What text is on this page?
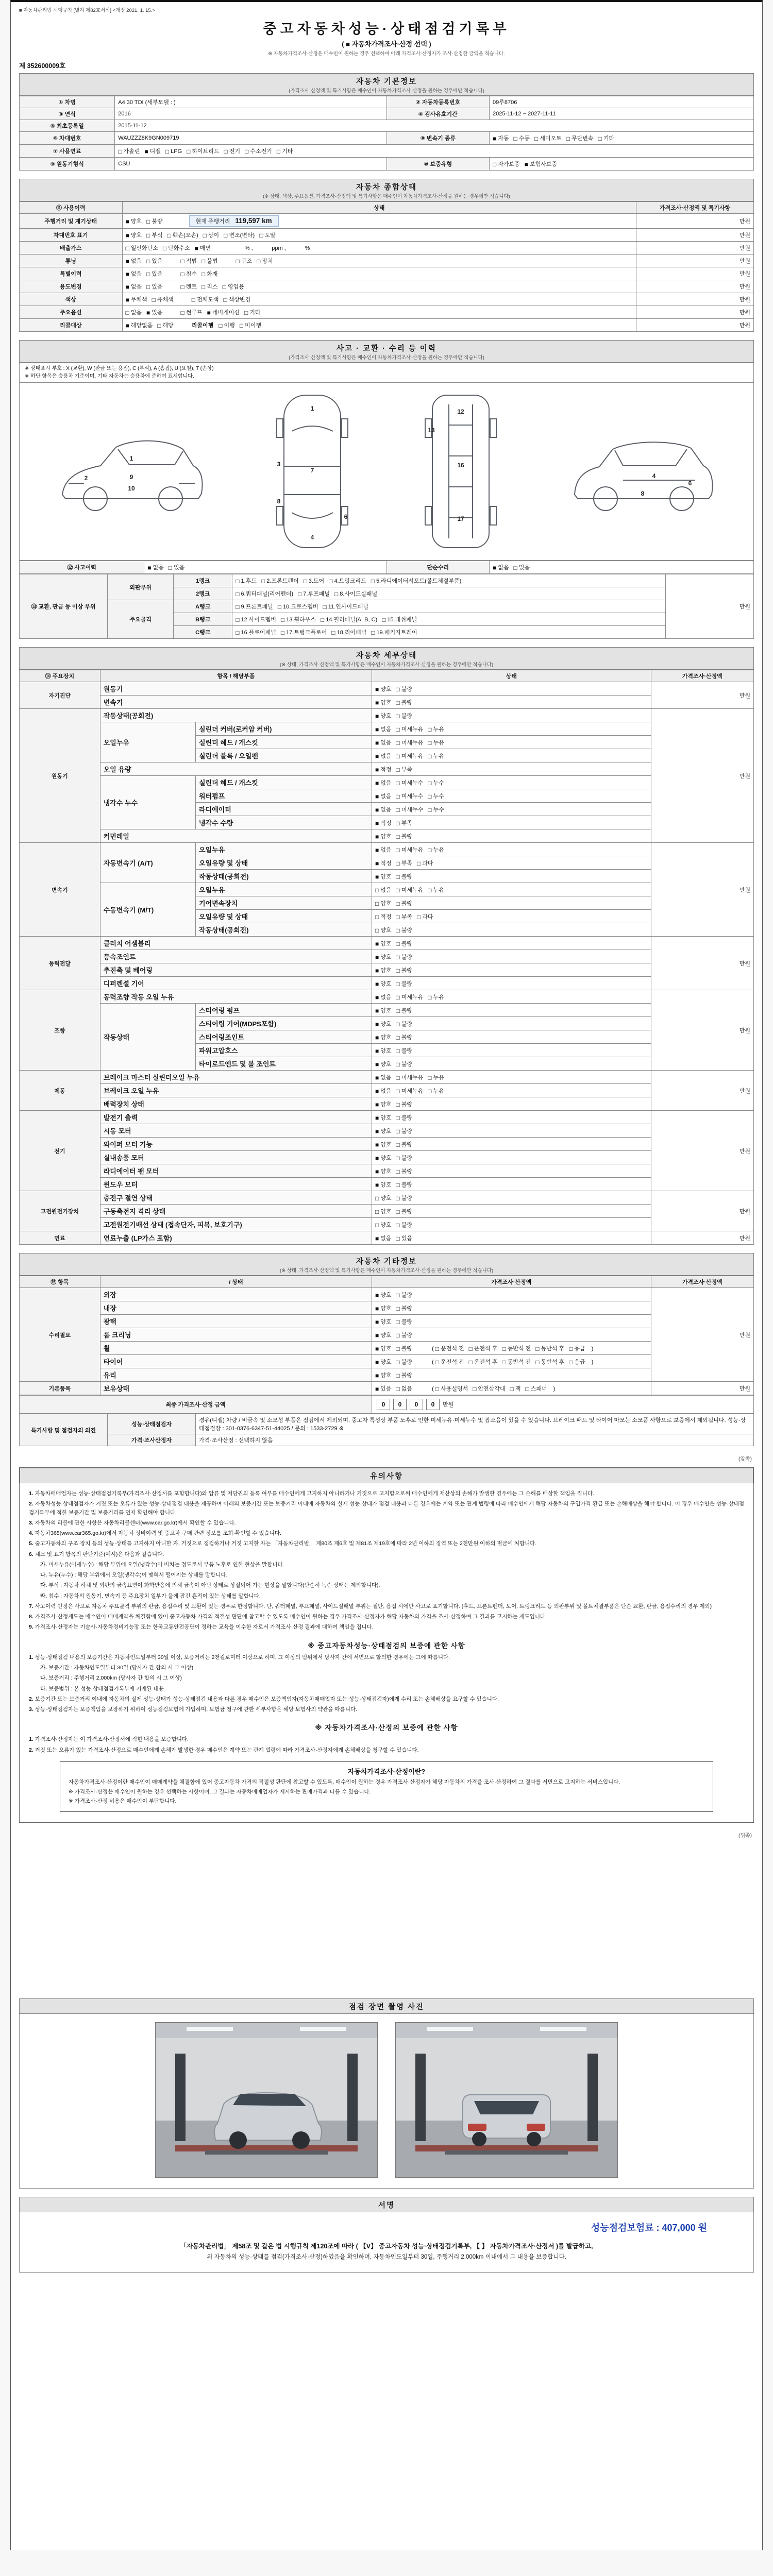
■ 자동차관리법 시행규칙 [별지 제82호서식] <개정 2021. 1. 15.>
중고자동차성능·상태점검기록부
( ■ 자동차가격조사·산정 선택 )
※ 자동차가격조사·산정은 매수인이 원하는 경우 선택하여 아래 가격조사·산정자가 조사·산정한 금액을 적습니다.
제 352600009호
자동차 기본정보
(가격조사·산정액 및 특기사항은 매수인이 자동차가격조사·산정을 원하는 경우에만 적습니다)
① 차명	A4 30 TDI (세부모델 : )	② 자동차등록번호	09루8706
③ 연식	2016	④ 검사유효기간	2025-11-12 ~ 2027-11-11
⑤ 최초등록일	2015-11-12		
⑥ 차대번호	WAUZZZ8K9GN009719	⑧ 변속기 종류	■ 자동 □ 수동 □ 세미오토 □ 무단변속 □ 기타
⑦ 사용연료	□ 가솔린 ■ 디젤 □ LPG □ 하이브리드 □ 전기 □ 수소전기 □ 기타		
⑨ 원동기형식	CSU	⑩ 보증유형	□ 자가보증 ■ 보험사보증
자동차 종합상태
(※ 상태, 색상, 주요옵션, 가격조사·산정액 및 특기사항은 매수인이 자동차가격조사·산정을 원하는 경우에만 적습니다)
⑪ 사용이력	상태	가격조사·산정액 및 특기사항
주행거리 및 계기상태	■ 양호 □ 불량 현재 주행거리 119,597 km	만원
차대번호 표기	■ 양호 □ 부식 □ 훼손(오손) □ 상이 □ 변조(변타) □ 도말	만원
배출가스	□ 일산화탄소 □ 탄화수소 ■ 매연 % ,            ppm ,            %	만원
튜닝	■ 없음 □ 있음 □ 적법 □ 불법 □ 구조 □ 장치	만원
특별이력	■ 없음 □ 있음 □ 침수 □ 화재	만원
용도변경	■ 없음 □ 있음 □ 렌트 □ 리스 □ 영업용	만원
색상	■ 무채색 □ 유채색 □ 전체도색 □ 색상변경	만원
주요옵션	□ 없음 ■ 있음 □ 썬루프 ■ 네비게이션 □ 기타	만원
리콜대상	■ 해당없음 □ 해당 리콜이행 □ 이행 □ 미이행	만원
사고 · 교환 · 수리 등 이력
(가격조사·산정액 및 특기사항은 매수인이 자동차가격조사·산정을 원하는 경우에만 적습니다)
※ 상태표시 부호 : X (교환), W (판금 또는 용접), C (부식), A (흠집), U (요철), T (손상)
※ 하단 항목은 승용차 기준이며, 기타 자동차는 승용차에 준하여 표시합니다.
1
2	9
10
1
7
4
3
6
8
12
16
17
13
4
6
8
⑫ 사고이력	■ 없음 □ 있음	단순수리	■ 없음 □ 있음
⑬ 교환, 판금 등 이상 부위	외판부위	1랭크	□ 1.후드 □ 2.프론트펜더 □ 3.도어 □ 4.트렁크리드 □ 5.라디에이터서포트(볼트체결부품)	만원
		2랭크	□ 6.쿼터패널(리어펜더) □ 7.루프패널 □ 8.사이드실패널	
	주요골격	A랭크	□ 9.프론트패널 □ 10.크로스멤버 □ 11.인사이드패널	
		B랭크	□ 12.사이드멤버 □ 13.휠하우스 □ 14.필러패널(A, B, C) □ 15.대쉬패널	
		C랭크	□ 16.플로어패널 □ 17.트렁크플로어 □ 18.리어패널 □ 19.패키지트레이	
자동차 세부상태
(※ 상태, 가격조사·산정액 및 특기사항은 매수인이 자동차가격조사·산정을 원하는 경우에만 적습니다)
⑭ 주요장치	항목 / 해당부품		상태	가격조사·산정액
자기진단	원동기		■ 양호 □ 불량	만원
	변속기		■ 양호 □ 불량	
원동기	작동상태(공회전)		■ 양호 □ 불량	만원
	오일누유	실린더 커버(로커암 커버)	■ 없음 □ 미세누유 □ 누유	
		실린더 헤드 / 개스킷	■ 없음 □ 미세누유 □ 누유	
		실린더 블록 / 오일팬	■ 없음 □ 미세누유 □ 누유	
	오일 유량		■ 적정 □ 부족	
	냉각수 누수	실린더 헤드 / 개스킷	■ 없음 □ 미세누수 □ 누수	
		워터펌프	■ 없음 □ 미세누수 □ 누수	
		라디에이터	■ 없음 □ 미세누수 □ 누수	
		냉각수 수량	■ 적정 □ 부족	
	커먼레일		■ 양호 □ 불량	
변속기	자동변속기 (A/T)	오일누유	■ 없음 □ 미세누유 □ 누유	만원
		오일유량 및 상태	■ 적정 □ 부족 □ 과다	
		작동상태(공회전)	■ 양호 □ 불량	
	수동변속기 (M/T)	오일누유	□ 없음 □ 미세누유 □ 누유	
		기어변속장치	□ 양호 □ 불량	
		오일유량 및 상태	□ 적정 □ 부족 □ 과다	
		작동상태(공회전)	□ 양호 □ 불량	
동력전달	클러치 어셈블리		■ 양호 □ 불량	만원
	등속조인트		■ 양호 □ 불량	
	추진축 및 베어링		■ 양호 □ 불량	
	디퍼렌셜 기어		■ 양호 □ 불량	
조향	동력조향 작동 오일 누유		■ 없음 □ 미세누유 □ 누유	만원
	작동상태	스티어링 펌프	■ 양호 □ 불량	
		스티어링 기어(MDPS포함)	■ 양호 □ 불량	
		스티어링조인트	■ 양호 □ 불량	
		파워고압호스	■ 양호 □ 불량	
		타이로드엔드 및 볼 조인트	■ 양호 □ 불량	
제동	브레이크 마스터 실린더오일 누유		■ 없음 □ 미세누유 □ 누유	만원
	브레이크 오일 누유		■ 없음 □ 미세누유 □ 누유	
	배력장치 상태		■ 양호 □ 불량	
전기	발전기 출력		■ 양호 □ 불량	만원
	시동 모터		■ 양호 □ 불량	
	와이퍼 모터 기능		■ 양호 □ 불량	
	실내송풍 모터		■ 양호 □ 불량	
	라디에이터 팬 모터		■ 양호 □ 불량	
	윈도우 모터		■ 양호 □ 불량	
고전원전기장치	충전구 절연 상태		□ 양호 □ 불량	만원
	구동축전지 격리 상태		□ 양호 □ 불량	
	고전원전기배선 상태 (접속단자, 피복, 보호기구)		□ 양호 □ 불량	
연료	연료누출 (LP가스 포함)		■ 없음 □ 있음	만원
자동차 기타정보
(※ 상태, 가격조사·산정액 및 특기사항은 매수인이 자동차가격조사·산정을 원하는 경우에만 적습니다)
⑮ 항목	/ 상태	가격조사·산정액	가격조사·산정액
수리필요	외장	■ 양호 □ 불량	만원
	내장	■ 양호 □ 불량	
	광택	■ 양호 □ 불량	
	룸 크리닝	■ 양호 □ 불량	
	휠	■ 양호 □ 불량 ( □ 운전석 전 □ 운전석 후 □ 동반석 전 □ 동반석 후 □ 응급 )	
	타이어	■ 양호 □ 불량 ( □ 운전석 전 □ 운전석 후 □ 동반석 전 □ 동반석 후 □ 응급 )	
	유리	■ 양호 □ 불량	
기본품목	보유상태	■ 있음 □ 없음 ( □ 사용설명서 □ 안전삼각대 □ 잭 □ 스패너 )	만원
최종 가격조사·산정 금액	0 0 0 0 만원
특기사항 및 점검자의 의견	성능·상태점검자	경유(디젤) 차량 / 비금속 및 소모성 부품은 점검에서 제외되며, 중고차 특성상 부품 노후로 인한 미세누유·미세누수 및 잡소음이 있을 수 있습니다. 브레이크 패드 및 타이어 마모는 소모품 사항으로 보증에서 제외됩니다. 성능·상태점검장 : 301-0376-6347-51-44025 / 문의 : 1533-2729 ※
	가격·조사산정자	가격·조사산정 : 선택하지 않음
(앞쪽)
유의사항

1. 자동차매매업자는 성능·상태점검기록부(가격조사·산정서를 포함합니다)와 압류 및 저당권의 등록 여부를 매수인에게 고지하지 아니하거나 거짓으로 고지함으로써 매수인에게 재산상의 손해가 발생한 경우에는 그 손해를 배상할 책임을 집니다.

2. 자동차성능·상태점검자가 거짓 또는 오류가 있는 성능·상태점검 내용을 제공하여 아래의 보증기간 또는 보증거리 이내에 자동차의 실제 성능·상태가 점검 내용과 다른 경우에는 계약 또는 관계 법령에 따라 매수인에게 해당 자동차의 구입가격 환급 또는 손해배상을 해야 합니다. 이 경우 매수인은 성능·상태점검기록부에 적힌 보증기간 및 보증거리를 먼저 확인해야 합니다.

3. 자동차의 리콜에 관한 사항은 자동차리콜센터(www.car.go.kr)에서 확인할 수 있습니다.

4. 자동차365(www.car365.go.kr)에서 자동차 정비이력 및 중고차 구매 관련 정보를 조회·확인할 수 있습니다.

5. 중고자동차의 구조·장치 등의 성능·상태를 고지하지 아니한 자, 거짓으로 점검하거나 거짓 고지한 자는 「자동차관리법」 제80조 제6호 및 제81조 제19호에 따라 2년 이하의 징역 또는 2천만원 이하의 벌금에 처합니다.

6. 체크 및 표기 항목의 판단기준(예시)은 다음과 같습니다.

가. 미세누유(미세누수) : 해당 부위에 오일(냉각수)이 비치는 정도로서 부품 노후로 인한 현상을 말합니다.

나. 누유(누수) : 해당 부위에서 오일(냉각수)이 맺혀서 떨어지는 상태를 말합니다.

다. 부식 : 자동차 하체 및 외판의 금속표면이 화학반응에 의해 금속이 아닌 상태로 상실되어 가는 현상을 말합니다(단순히 녹슨 상태는 제외합니다).

라. 침수 : 자동차의 원동기, 변속기 등 주요장치 일부가 물에 잠긴 흔적이 있는 상태를 말합니다.

7. 사고이력 인정은 사고로 자동차 주요골격 부위의 판금, 용접수리 및 교환이 있는 경우로 한정합니다. 단, 쿼터패널, 루프패널, 사이드실패널 부위는 절단, 용접 시에만 사고로 표기합니다. (후드, 프론트펜더, 도어, 트렁크리드 등 외판부위 및 볼트체결부품은 단순 교환, 판금, 용접수리의 경우 제외)

8. 가격조사·산정제도는 매수인이 매매계약을 체결함에 있어 중고자동차 가격의 적절성 판단에 참고할 수 있도록 매수인이 원하는 경우 가격조사·산정자가 해당 자동차의 가격을 조사·산정하여 그 결과를 고지하는 제도입니다.

9. 가격조사·산정자는 기술사·자동차정비기능장 또는 한국교통안전공단이 정하는 교육을 이수한 자로서 가격조사·산정 결과에 대하여 책임을 집니다.

※ 중고자동차성능·상태점검의 보증에 관한 사항

1. 성능·상태점검 내용의 보증기간은 자동차인도일부터 30일 이상, 보증거리는 2천킬로미터 이상으로 하며, 그 이상의 범위에서 당사자 간에 서면으로 합의한 경우에는 그에 따릅니다.

가. 보증기간 : 자동차인도일부터 30일 (당사자 간 합의 시 그 이상)

나. 보증거리 : 주행거리 2,000km (당사자 간 합의 시 그 이상)

다. 보증범위 : 본 성능·상태점검기록부에 기재된 내용

2. 보증기간 또는 보증거리 이내에 자동차의 실제 성능·상태가 성능·상태점검 내용과 다른 경우 매수인은 보증책임자(자동차매매업자 또는 성능·상태점검자)에게 수리 또는 손해배상을 요구할 수 있습니다.

3. 성능·상태점검자는 보증책임을 보장하기 위하여 성능점검보험에 가입하며, 보험금 청구에 관한 세부사항은 해당 보험사의 약관을 따릅니다.

※ 자동차가격조사·산정의 보증에 관한 사항

1. 가격조사·산정자는 이 가격조사·산정서에 적힌 내용을 보증합니다.

2. 거짓 또는 오류가 있는 가격조사·산정으로 매수인에게 손해가 발생한 경우 매수인은 계약 또는 관계 법령에 따라 가격조사·산정자에게 손해배상을 청구할 수 있습니다.

자동차가격조사·산정이란?

자동차가격조사·산정이란 매수인이 매매계약을 체결함에 있어 중고자동차 가격의 적절성 판단에 참고할 수 있도록, 매수인이 원하는 경우 가격조사·산정자가 해당 자동차의 가격을 조사·산정하여 그 결과를 서면으로 고지하는 서비스입니다.

※ 가격조사·산정은 매수인이 원하는 경우 선택하는 사항이며, 그 결과는 자동차매매업자가 제시하는 판매가격과 다를 수 있습니다.

※ 가격조사·산정 비용은 매수인이 부담합니다.

(뒤쪽)
점검 장면 촬영 사진
서명
성능점검보험료 : 407,000 원

「자동차관리법」 제58조 및 같은 법 시행규칙 제120조에 따라 ( 【V】 중고자동차 성능·상태점검기록부, 【 】 자동차가격조사·산정서 )를 발급하고,

위 자동차의 성능·상태를 점검(가격조사·산정)하였음을 확인하며, 자동차인도일부터 30일, 주행거리 2,000km 이내에서 그 내용을 보증합니다.
